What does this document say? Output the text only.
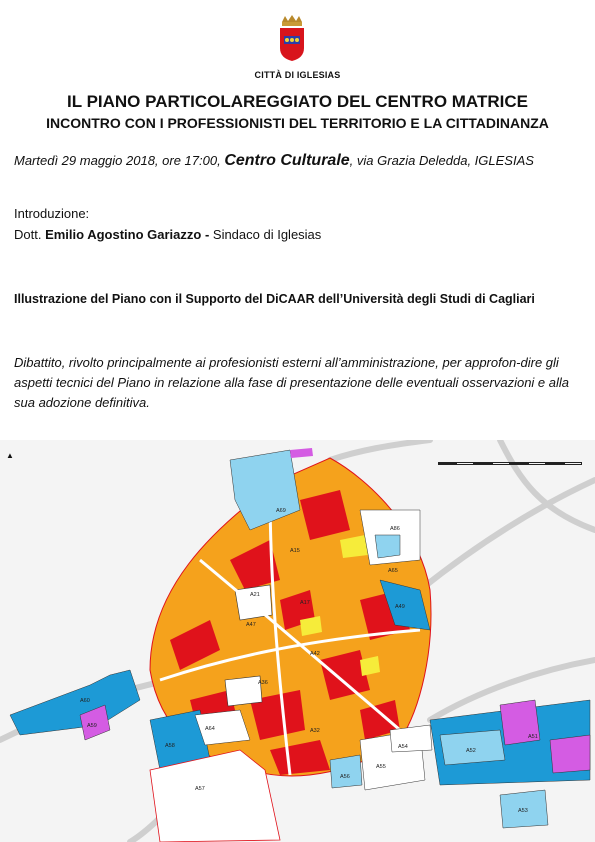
CITTÀ DI IGLESIAS
IL PIANO PARTICOLAREGGIATO DEL CENTRO MATRICE
INCONTRO CON I PROFESSIONISTI DEL TERRITORIO E LA CITTADINANZA
Martedì 29 maggio 2018, ore 17:00, Centro Culturale, via Grazia Deledda, IGLESIAS
Introduzione:
Dott. Emilio Agostino Gariazzo - Sindaco di Iglesias
Illustrazione del Piano con il Supporto del DiCAAR dell’Università degli Studi di Cagliari
Dibattito, rivolto principalmente ai profesionisti esterni all’amministrazione, per approfon-dire gli aspetti tecnici del Piano in relazione alla fase di presentazione delle eventuali osservazioni e alla sua adozione definitiva.
A69
A86
A65
A49
A60
A59
A58
A64
A57
A54
A55
A56
A52
A51
A53
A21
A47
A42
A36
A32
A15
A17
▲
